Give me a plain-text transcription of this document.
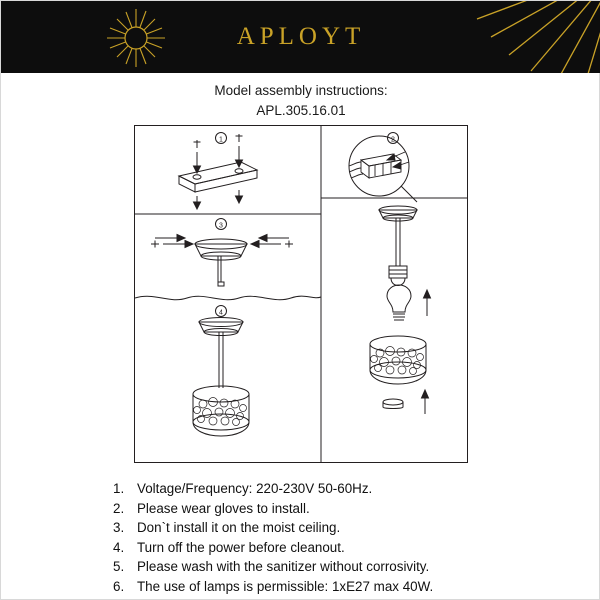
APLOYT
Model assembly instructions:
APL.305.16.01
1
3
4
2
1. Voltage/Frequency: 220-230V 50-60Hz.
2. Please wear gloves to install.
3. Don`t install it on the moist ceiling.
4. Turn off the power before cleanout.
5. Please wash with the sanitizer without corrosivity.
6. The use of lamps is permissible: 1xE27 max 40W.
